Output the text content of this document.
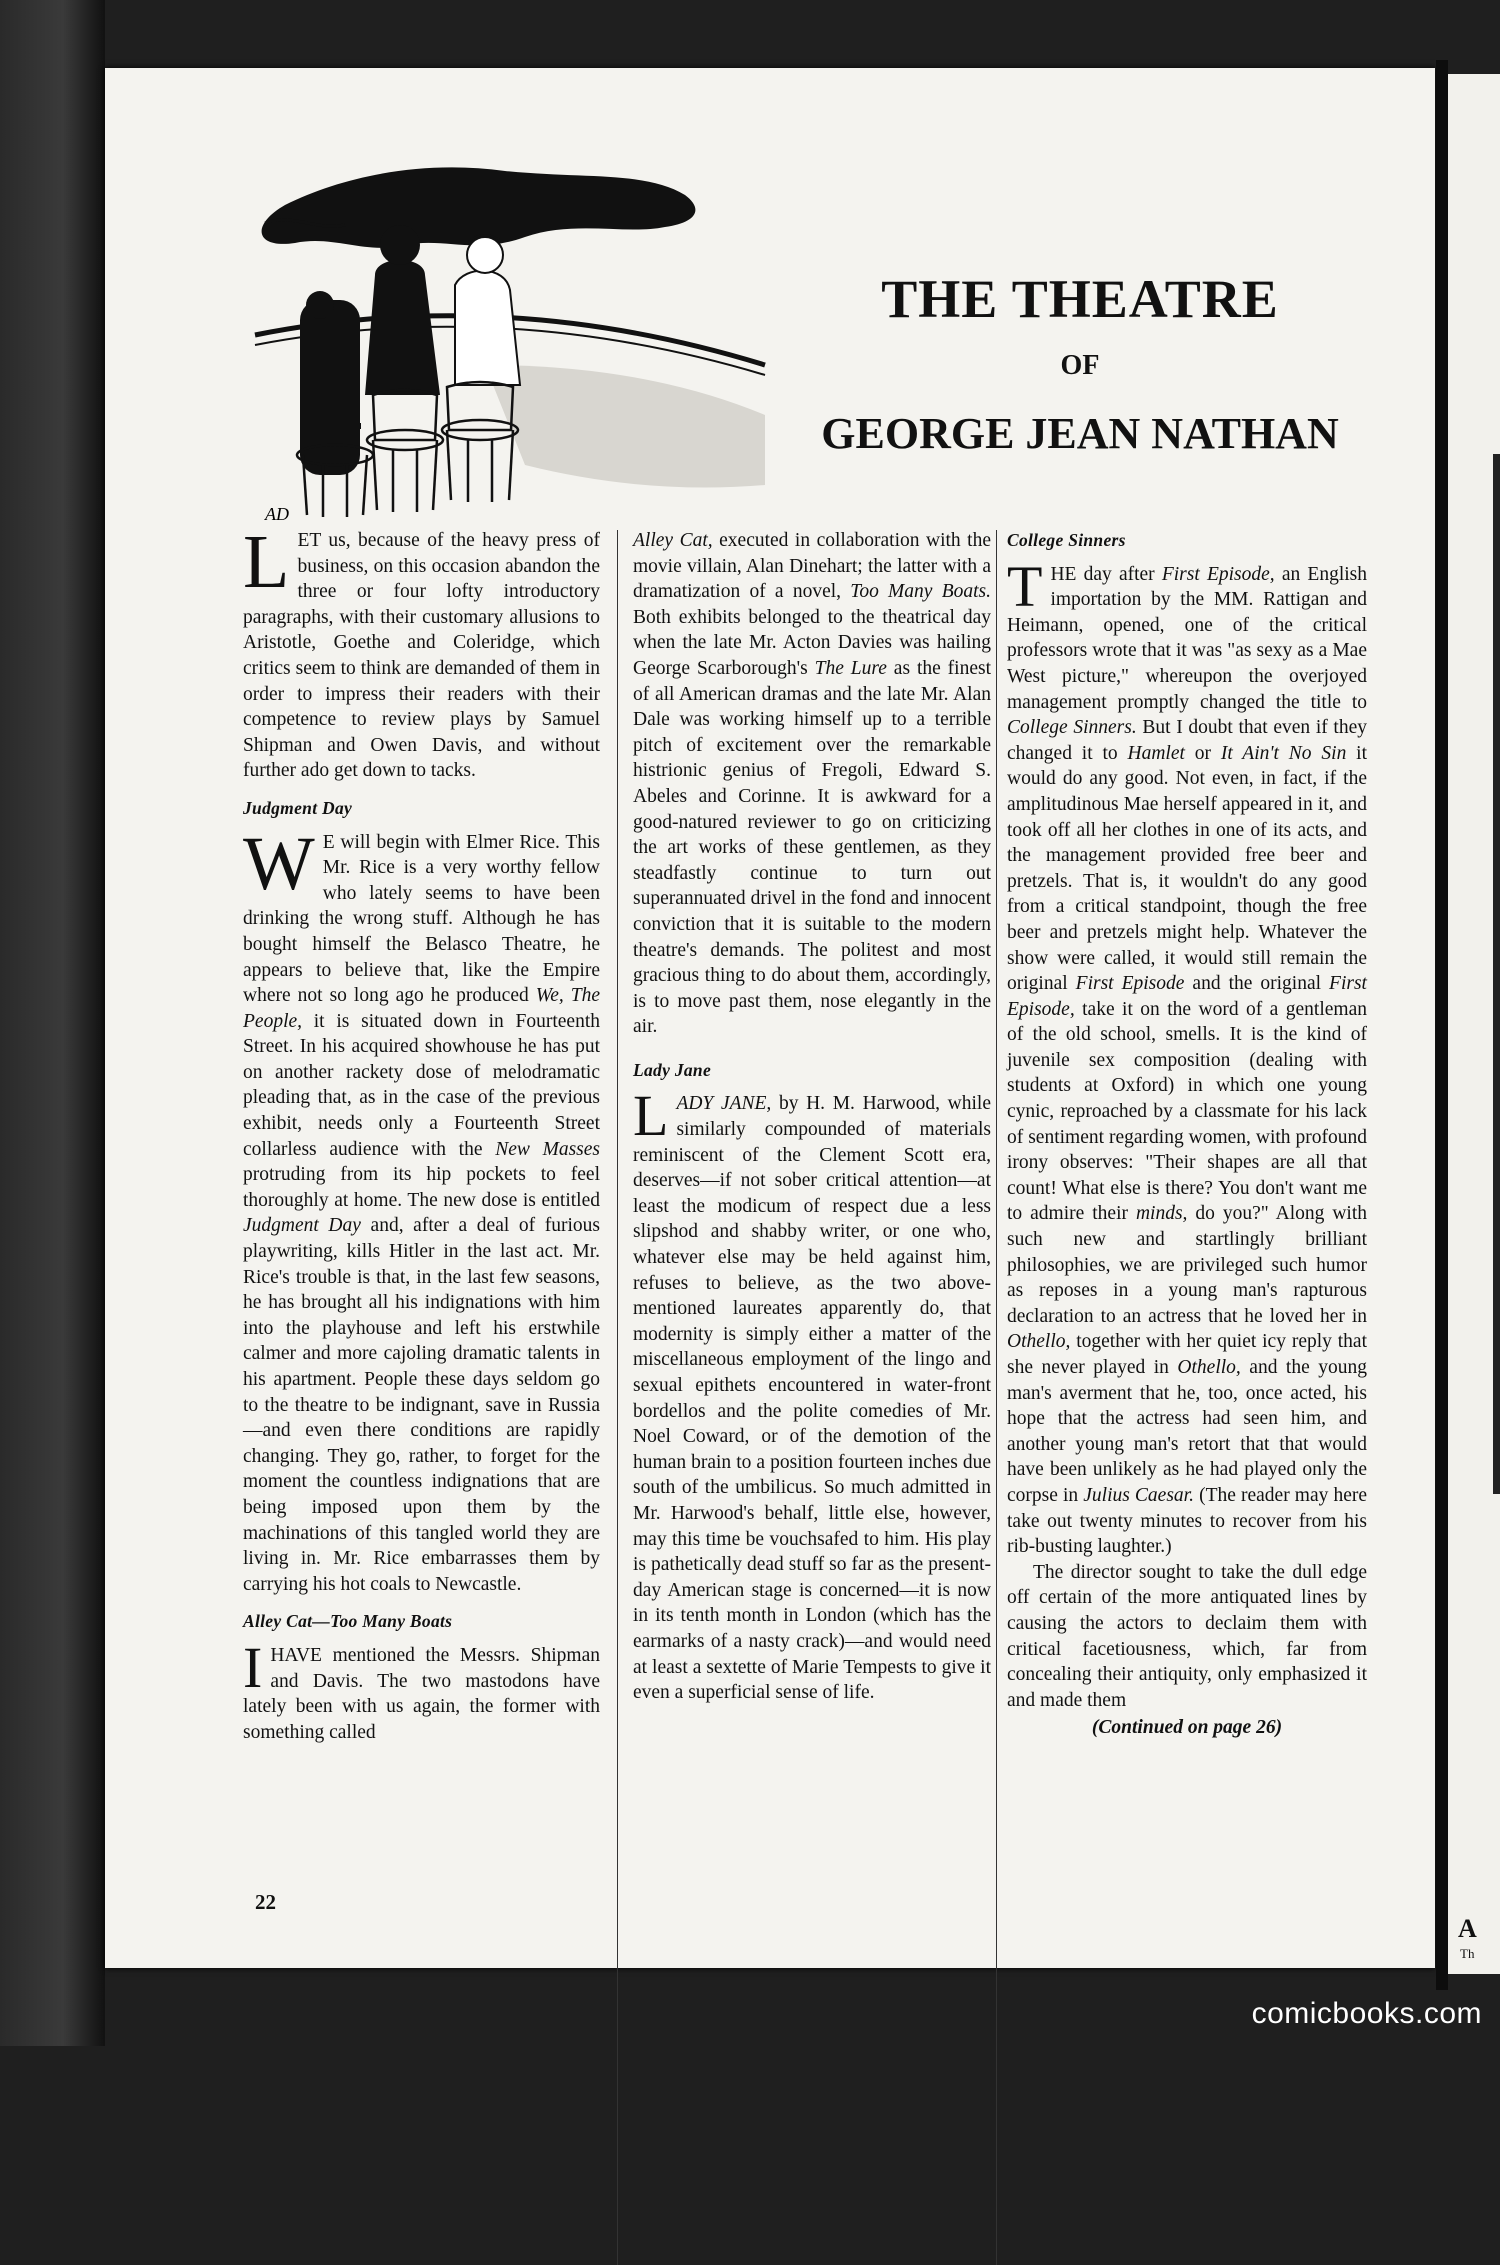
A
Th
AD
THE THEATRE
OF
GEORGE JEAN NATHAN

LET us, because of the heavy press of business, on this occasion abandon the three or four lofty introductory paragraphs, with their customary allusions to Aristotle, Goethe and Coleridge, which critics seem to think are demanded of them in order to impress their readers with their competence to review plays by Samuel Shipman and Owen Davis, and without further ado get down to tacks.

Judgment Day

W E will begin with Elmer Rice. This Mr. Rice is a very worthy fellow who lately seems to have been drinking the wrong stuff. Although he has bought himself the Belasco Theatre, he appears to believe that, like the Empire where not so long ago he produced We, The People, it is situated down in Fourteenth Street. In his acquired showhouse he has put on another rackety dose of melodramatic pleading that, as in the case of the previous exhibit, needs only a Fourteenth Street collarless audience with the New Masses protruding from its hip pockets to feel thoroughly at home. The new dose is entitled Judgment Day and, after a deal of furious playwriting, kills Hitler in the last act. Mr. Rice's trouble is that, in the last few seasons, he has brought all his indignations with him into the playhouse and left his erstwhile calmer and more cajoling dramatic talents in his apartment. People these days seldom go to the theatre to be indignant, save in Russia—and even there conditions are rapidly changing. They go, rather, to forget for the moment the countless indignations that are being imposed upon them by the machinations of this tangled world they are living in. Mr. Rice embarrasses them by carrying his hot coals to Newcastle.

Alley Cat—Too Many Boats

I HAVE mentioned the Messrs. Shipman and Davis. The two mastodons have lately been with us again, the former with something called

Alley Cat, executed in collaboration with the movie villain, Alan Dinehart; the latter with a dramatization of a novel, Too Many Boats. Both exhibits belonged to the theatrical day when the late Mr. Acton Davies was hailing George Scarborough's The Lure as the finest of all American dramas and the late Mr. Alan Dale was working himself up to a terrible pitch of excitement over the remarkable histrionic genius of Fregoli, Edward S. Abeles and Corinne. It is awkward for a good-natured reviewer to go on criticizing the art works of these gentlemen, as they steadfastly continue to turn out superannuated drivel in the fond and innocent conviction that it is suitable to the modern theatre's demands. The politest and most gracious thing to do about them, accordingly, is to move past them, nose elegantly in the air.

Lady Jane

LADY JANE, by H. M. Harwood, while similarly compounded of materials reminiscent of the Clement Scott era, deserves—if not sober critical attention—at least the modicum of respect due a less slipshod and shabby writer, or one who, whatever else may be held against him, refuses to believe, as the two above-mentioned laureates apparently do, that modernity is simply either a matter of the miscellaneous employment of the lingo and sexual epithets encountered in water-front bordellos and the polite comedies of Mr. Noel Coward, or of the demotion of the human brain to a position fourteen inches due south of the umbilicus. So much admitted in Mr. Harwood's behalf, little else, however, may this time be vouchsafed to him. His play is pathetically dead stuff so far as the present-day American stage is concerned—it is now in its tenth month in London (which has the earmarks of a nasty crack)—and would need at least a sextette of Marie Tempests to give it even a superficial sense of life.

College Sinners

THE day after First Episode, an English importation by the MM. Rattigan and Heimann, opened, one of the critical professors wrote that it was "as sexy as a Mae West picture," whereupon the overjoyed management promptly changed the title to College Sinners. But I doubt that even if they changed it to Hamlet or It Ain't No Sin it would do any good. Not even, in fact, if the amplitudinous Mae herself appeared in it, and took off all her clothes in one of its acts, and the management provided free beer and pretzels. That is, it wouldn't do any good from a critical standpoint, though the free beer and pretzels might help. Whatever the show were called, it would still remain the original First Episode and the original First Episode, take it on the word of a gentleman of the old school, smells. It is the kind of juvenile sex composition (dealing with students at Oxford) in which one young cynic, reproached by a classmate for his lack of sentiment regarding women, with profound irony observes: "Their shapes are all that count! What else is there? You don't want me to admire their minds, do you?" Along with such new and startlingly brilliant philosophies, we are privileged such humor as reposes in a young man's rapturous declaration to an actress that he loved her in Othello, together with her quiet icy reply that she never played in Othello, and the young man's averment that he, too, once acted, his hope that the actress had seen him, and another young man's retort that that would have been unlikely as he had played only the corpse in Julius Caesar. (The reader may here take out twenty minutes to recover from his rib-busting laughter.)

The director sought to take the dull edge off certain of the more antiquated lines by causing the actors to declaim them with critical facetiousness, which, far from concealing their antiquity, only emphasized it and made them

(Continued on page 26)
22
comicbooks.com
